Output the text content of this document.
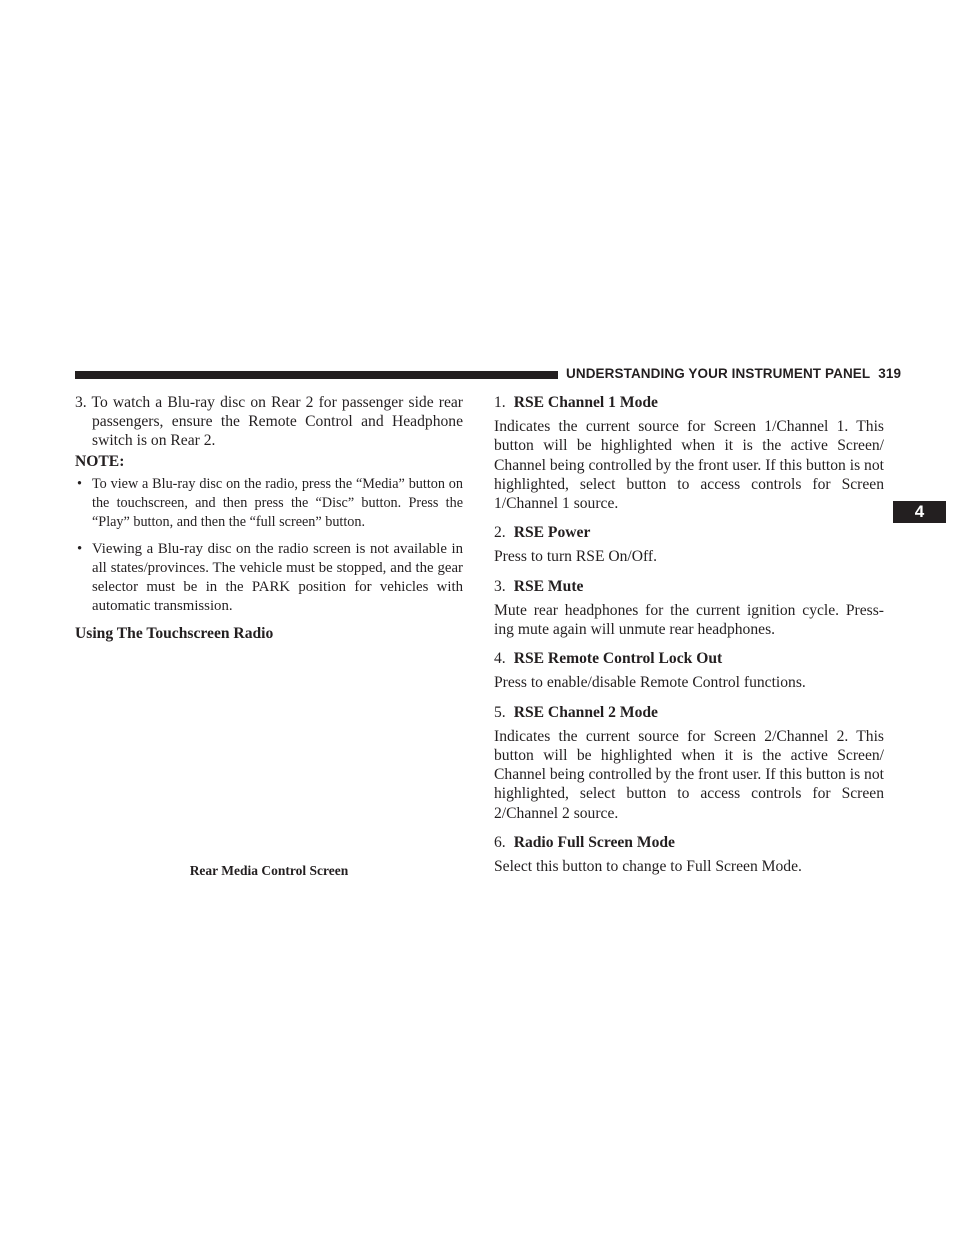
UNDERSTANDING YOUR INSTRUMENT PANEL 319
4

3. To watch a Blu-ray disc on Rear 2 for passenger side rear passengers, ensure the Remote Control and Headphone switch is on Rear 2.

NOTE:

• To view a Blu-ray disc on the radio, press the “Media” button on the touchscreen, and then press the “Disc” button. Press the “Play” button, and then the “full screen” button.
• Viewing a Blu-ray disc on the radio screen is not available in all states/provinces. The vehicle must be stopped, and the gear selector must be in the PARK position for vehicles with automatic transmission.

Using The Touchscreen Radio

Rear Media Control Screen

1. RSE Channel 1 Mode

Indicates the current source for Screen 1/Channel 1. This button will be highlighted when it is the active Screen/ Channel being controlled by the front user. If this button is not highlighted, select button to access controls for Screen 1/Channel 1 source.

2. RSE Power

Press to turn RSE On/Off.

3. RSE Mute

Mute rear headphones for the current ignition cycle. Press- ing mute again will unmute rear headphones.

4. RSE Remote Control Lock Out

Press to enable/disable Remote Control functions.

5. RSE Channel 2 Mode

Indicates the current source for Screen 2/Channel 2. This button will be highlighted when it is the active Screen/ Channel being controlled by the front user. If this button is not highlighted, select button to access controls for Screen 2/Channel 2 source.

6. Radio Full Screen Mode

Select this button to change to Full Screen Mode.
